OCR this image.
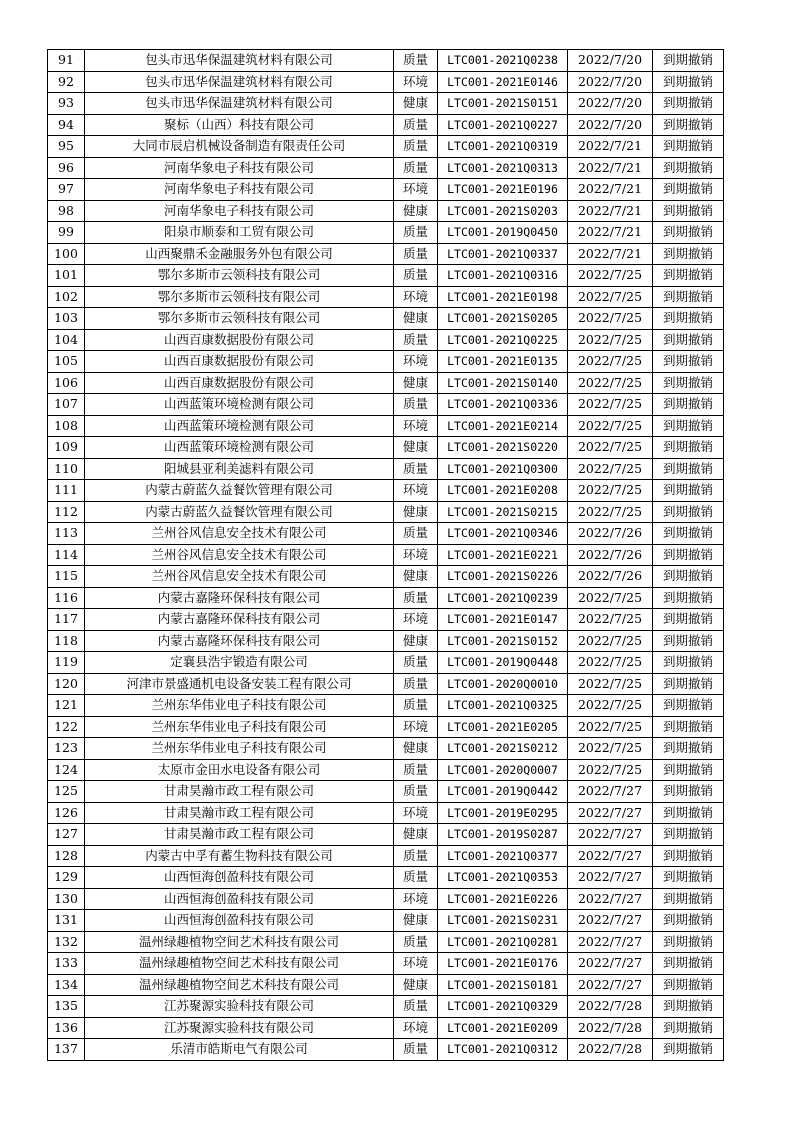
91	包头市迅华保温建筑材料有限公司	质量	LTC001-2021Q0238	2022/7/20	到期撤销
92	包头市迅华保温建筑材料有限公司	环境	LTC001-2021E0146	2022/7/20	到期撤销
93	包头市迅华保温建筑材料有限公司	健康	LTC001-2021S0151	2022/7/20	到期撤销
94	聚标（山西）科技有限公司	质量	LTC001-2021Q0227	2022/7/20	到期撤销
95	大同市辰启机械设备制造有限责任公司	质量	LTC001-2021Q0319	2022/7/21	到期撤销
96	河南华象电子科技有限公司	质量	LTC001-2021Q0313	2022/7/21	到期撤销
97	河南华象电子科技有限公司	环境	LTC001-2021E0196	2022/7/21	到期撤销
98	河南华象电子科技有限公司	健康	LTC001-2021S0203	2022/7/21	到期撤销
99	阳泉市顺泰和工贸有限公司	质量	LTC001-2019Q0450	2022/7/21	到期撤销
100	山西聚鼎禾金融服务外包有限公司	质量	LTC001-2021Q0337	2022/7/21	到期撤销
101	鄂尔多斯市云领科技有限公司	质量	LTC001-2021Q0316	2022/7/25	到期撤销
102	鄂尔多斯市云领科技有限公司	环境	LTC001-2021E0198	2022/7/25	到期撤销
103	鄂尔多斯市云领科技有限公司	健康	LTC001-2021S0205	2022/7/25	到期撤销
104	山西百康数据股份有限公司	质量	LTC001-2021Q0225	2022/7/25	到期撤销
105	山西百康数据股份有限公司	环境	LTC001-2021E0135	2022/7/25	到期撤销
106	山西百康数据股份有限公司	健康	LTC001-2021S0140	2022/7/25	到期撤销
107	山西蓝策环境检测有限公司	质量	LTC001-2021Q0336	2022/7/25	到期撤销
108	山西蓝策环境检测有限公司	环境	LTC001-2021E0214	2022/7/25	到期撤销
109	山西蓝策环境检测有限公司	健康	LTC001-2021S0220	2022/7/25	到期撤销
110	阳城县亚利美滤料有限公司	质量	LTC001-2021Q0300	2022/7/25	到期撤销
111	内蒙古蔚蓝久益餐饮管理有限公司	环境	LTC001-2021E0208	2022/7/25	到期撤销
112	内蒙古蔚蓝久益餐饮管理有限公司	健康	LTC001-2021S0215	2022/7/25	到期撤销
113	兰州谷风信息安全技术有限公司	质量	LTC001-2021Q0346	2022/7/26	到期撤销
114	兰州谷风信息安全技术有限公司	环境	LTC001-2021E0221	2022/7/26	到期撤销
115	兰州谷风信息安全技术有限公司	健康	LTC001-2021S0226	2022/7/26	到期撤销
116	内蒙古嘉隆环保科技有限公司	质量	LTC001-2021Q0239	2022/7/25	到期撤销
117	内蒙古嘉隆环保科技有限公司	环境	LTC001-2021E0147	2022/7/25	到期撤销
118	内蒙古嘉隆环保科技有限公司	健康	LTC001-2021S0152	2022/7/25	到期撤销
119	定襄县浩宇锻造有限公司	质量	LTC001-2019Q0448	2022/7/25	到期撤销
120	河津市景盛通机电设备安装工程有限公司	质量	LTC001-2020Q0010	2022/7/25	到期撤销
121	兰州东华伟业电子科技有限公司	质量	LTC001-2021Q0325	2022/7/25	到期撤销
122	兰州东华伟业电子科技有限公司	环境	LTC001-2021E0205	2022/7/25	到期撤销
123	兰州东华伟业电子科技有限公司	健康	LTC001-2021S0212	2022/7/25	到期撤销
124	太原市金田水电设备有限公司	质量	LTC001-2020Q0007	2022/7/25	到期撤销
125	甘肃昊瀚市政工程有限公司	质量	LTC001-2019Q0442	2022/7/27	到期撤销
126	甘肃昊瀚市政工程有限公司	环境	LTC001-2019E0295	2022/7/27	到期撤销
127	甘肃昊瀚市政工程有限公司	健康	LTC001-2019S0287	2022/7/27	到期撤销
128	内蒙古中孚有蓄生物科技有限公司	质量	LTC001-2021Q0377	2022/7/27	到期撤销
129	山西恒海创盈科技有限公司	质量	LTC001-2021Q0353	2022/7/27	到期撤销
130	山西恒海创盈科技有限公司	环境	LTC001-2021E0226	2022/7/27	到期撤销
131	山西恒海创盈科技有限公司	健康	LTC001-2021S0231	2022/7/27	到期撤销
132	温州绿趣植物空间艺术科技有限公司	质量	LTC001-2021Q0281	2022/7/27	到期撤销
133	温州绿趣植物空间艺术科技有限公司	环境	LTC001-2021E0176	2022/7/27	到期撤销
134	温州绿趣植物空间艺术科技有限公司	健康	LTC001-2021S0181	2022/7/27	到期撤销
135	江苏聚源实验科技有限公司	质量	LTC001-2021Q0329	2022/7/28	到期撤销
136	江苏聚源实验科技有限公司	环境	LTC001-2021E0209	2022/7/28	到期撤销
137	乐清市皓斯电气有限公司	质量	LTC001-2021Q0312	2022/7/28	到期撤销
